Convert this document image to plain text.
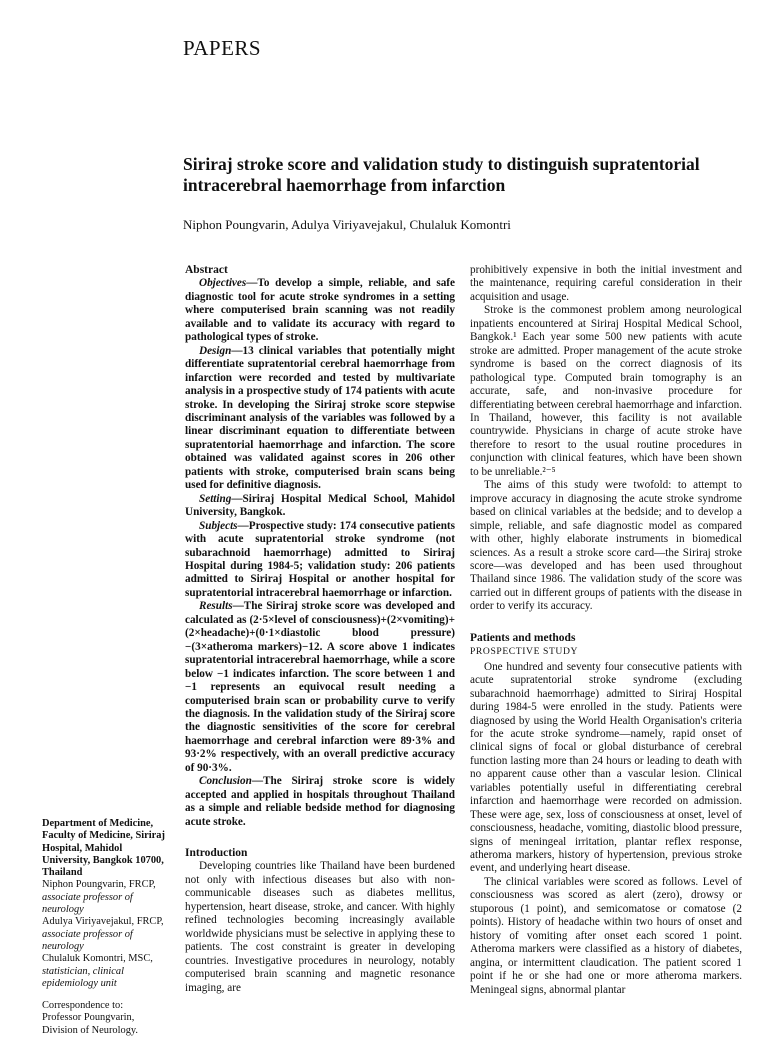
PAPERS
Siriraj stroke score and validation study to distinguish supratentorial intracerebral haemorrhage from infarction
Niphon Poungvarin, Adulya Viriyavejakul, Chulaluk Komontri
Abstract

Objectives—To develop a simple, reliable, and safe diagnostic tool for acute stroke syndromes in a setting where computerised brain scanning was not readily available and to validate its accuracy with regard to pathological types of stroke.

Design—13 clinical variables that potentially might differentiate supratentorial cerebral haemorrhage from infarction were recorded and tested by multivariate analysis in a prospective study of 174 patients with acute stroke. In developing the Siriraj stroke score stepwise discriminant analysis of the variables was followed by a linear discriminant equation to differentiate between supratentorial haemorrhage and infarction. The score obtained was validated against scores in 206 other patients with stroke, computerised brain scans being used for definitive diagnosis.

Setting—Siriraj Hospital Medical School, Mahidol University, Bangkok.

Subjects—Prospective study: 174 consecutive patients with acute supratentorial stroke syndrome (not subarachnoid haemorrhage) admitted to Siriraj Hospital during 1984-5; validation study: 206 patients admitted to Siriraj Hospital or another hospital for supratentorial intracerebral haemorrhage or infarction.

Results—The Siriraj stroke score was developed and calculated as (2·5×level of consciousness)+(2×vomiting)+(2×headache)+(0·1×diastolic blood pressure)−(3×atheroma markers)−12. A score above 1 indicates supratentorial intracerebral haemorrhage, while a score below −1 indicates infarction. The score between 1 and −1 represents an equivocal result needing a computerised brain scan or probability curve to verify the diagnosis. In the validation study of the Siriraj score the diagnostic sensitivities of the score for cerebral haemorrhage and cerebral infarction were 89·3% and 93·2% respectively, with an overall predictive accuracy of 90·3%.

Conclusion—The Siriraj stroke score is widely accepted and applied in hospitals throughout Thailand as a simple and reliable bedside method for diagnosing acute stroke.

Introduction

Developing countries like Thailand have been burdened not only with infectious diseases but also with non-communicable diseases such as diabetes mellitus, hypertension, heart disease, stroke, and cancer. With highly refined technologies becoming increasingly available worldwide physicians must be selective in applying these to patients. The cost constraint is greater in developing countries. Investigative procedures in neurology, notably computerised brain scanning and magnetic resonance imaging, are

prohibitively expensive in both the initial investment and the maintenance, requiring careful consideration in their acquisition and usage.

Stroke is the commonest problem among neurological inpatients encountered at Siriraj Hospital Medical School, Bangkok.¹ Each year some 500 new patients with acute stroke are admitted. Proper management of the acute stroke syndrome is based on the correct diagnosis of its pathological type. Computed brain tomography is an accurate, safe, and non-invasive procedure for differentiating between cerebral haemorrhage and infarction. In Thailand, however, this facility is not available countrywide. Physicians in charge of acute stroke have therefore to resort to the usual routine procedures in conjunction with clinical features, which have been shown to be unreliable.²⁻⁵

The aims of this study were twofold: to attempt to improve accuracy in diagnosing the acute stroke syndrome based on clinical variables at the bedside; and to develop a simple, reliable, and safe diagnostic model as compared with other, highly elaborate instruments in biomedical sciences. As a result a stroke score card—the Siriraj stroke score—was developed and has been used throughout Thailand since 1986. The validation study of the score was carried out in different groups of patients with the disease in order to verify its accuracy.

Patients and methods
PROSPECTIVE STUDY

One hundred and seventy four consecutive patients with acute supratentorial stroke syndrome (excluding subarachnoid haemorrhage) admitted to Siriraj Hospital during 1984-5 were enrolled in the study. Patients were diagnosed by using the World Health Organisation's criteria for the acute stroke syndrome—namely, rapid onset of clinical signs of focal or global disturbance of cerebral function lasting more than 24 hours or leading to death with no apparent cause other than a vascular lesion. Clinical variables potentially useful in differentiating cerebral infarction and haemorrhage were recorded on admission. These were age, sex, loss of consciousness at onset, level of consciousness, headache, vomiting, diastolic blood pressure, signs of meningeal irritation, plantar reflex response, atheroma markers, history of hypertension, previous stroke event, and underlying heart disease.

The clinical variables were scored as follows. Level of consciousness was scored as alert (zero), drowsy or stuporous (1 point), and semicomatose or comatose (2 points). History of headache within two hours of onset and history of vomiting after onset each scored 1 point. Atheroma markers were classified as a history of diabetes, angina, or intermittent claudication. The patient scored 1 point if he or she had one or more atheroma markers. Meningeal signs, abnormal plantar

Department of Medicine,

Faculty of Medicine, Siriraj

Hospital, Mahidol

University, Bangkok 10700,

Thailand

Niphon Poungvarin, FRCP,

associate professor of neurology

Adulya Viriyavejakul, FRCP,

associate professor of neurology

Chulaluk Komontri, MSC,

statistician, clinical epidemiology unit

Correspondence to:

Professor Poungvarin,

Division of Neurology.
